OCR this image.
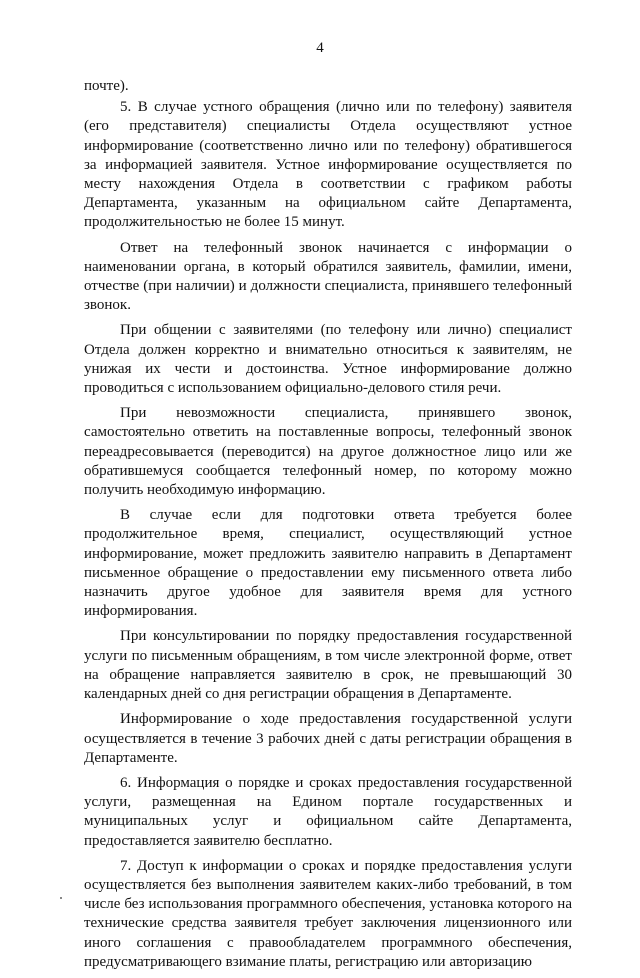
4

почте).

5. В случае устного обращения (лично или по телефону) заявителя (его представителя) специалисты Отдела осуществляют устное информирование (соответственно лично или по телефону) обратившегося за информацией заявителя. Устное информирование осуществляется по месту нахождения Отдела в соответствии с графиком работы Департамента, указанным на официальном сайте Департамента, продолжительностью не более 15 минут.

Ответ на телефонный звонок начинается с информации о наименовании органа, в который обратился заявитель, фамилии, имени, отчестве (при наличии) и должности специалиста, принявшего телефонный звонок.

При общении с заявителями (по телефону или лично) специалист Отдела должен корректно и внимательно относиться к заявителям, не унижая их чести и достоинства. Устное информирование должно проводиться с использованием официально-делового стиля речи.

При невозможности специалиста, принявшего звонок, самостоятельно ответить на поставленные вопросы, телефонный звонок переадресовывается (переводится) на другое должностное лицо или же обратившемуся сообщается телефонный номер, по которому можно получить необходимую информацию.

В случае если для подготовки ответа требуется более продолжительное время, специалист, осуществляющий устное информирование, может предложить заявителю направить в Департамент письменное обращение о предоставлении ему письменного ответа либо назначить другое удобное для заявителя время для устного информирования.

При консультировании по порядку предоставления государственной услуги по письменным обращениям, в том числе электронной форме, ответ на обращение направляется заявителю в срок, не превышающий 30 календарных дней со дня регистрации обращения в Департаменте.

Информирование о ходе предоставления государственной услуги осуществляется в течение 3 рабочих дней с даты регистрации обращения в Департаменте.

6. Информация о порядке и сроках предоставления государственной услуги, размещенная на Едином портале государственных и муниципальных услуг и официальном сайте Департамента, предоставляется заявителю бесплатно.

7. Доступ к информации о сроках и порядке предоставления услуги осуществляется без выполнения заявителем каких-либо требований, в том числе без использования программного обеспечения, установка которого на технические средства заявителя требует заключения лицензионного или иного соглашения с правообладателем программного обеспечения, предусматривающего взимание платы, регистрацию или авторизацию
